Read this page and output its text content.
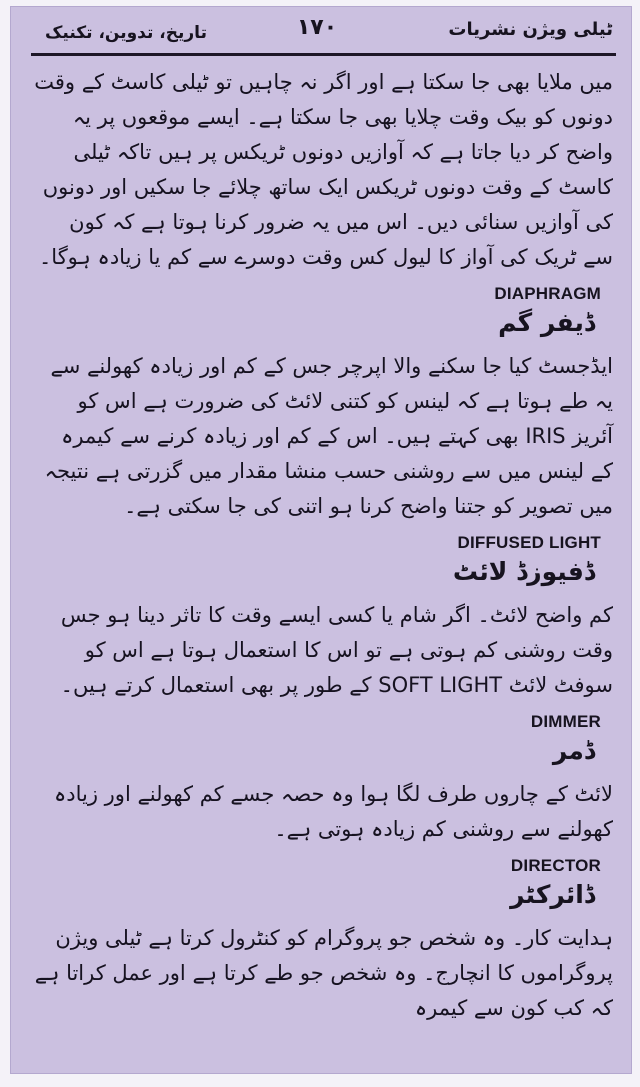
ٹیلی ویژن نشریات
۱۷۰
تاریخ، تدوین، تکنیک

میں ملایا بھی جا سکتا ہے اور اگر نہ چاہیں تو ٹیلی کاسٹ کے وقت دونوں کو بیک وقت چلایا بھی جا سکتا ہے۔ ایسے موقعوں پر یہ واضح کر دیا جاتا ہے کہ آوازیں دونوں ٹریکس پر ہیں تاکہ ٹیلی کاسٹ کے وقت دونوں ٹریکس ایک ساتھ چلائے جا سکیں اور دونوں کی آوازیں سنائی دیں۔ اس میں یہ ضرور کرنا ہوتا ہے کہ کون سے ٹریک کی آواز کا لیول کس وقت دوسرے سے کم یا زیادہ ہوگا۔

DIAPHRAGM
ڈیفر گم

ایڈجسٹ کیا جا سکنے والا اپرچر جس کے کم اور زیادہ کھولنے سے یہ طے ہوتا ہے کہ لینس کو کتنی لائٹ کی ضرورت ہے اس کو آئریز IRIS بھی کہتے ہیں۔ اس کے کم اور زیادہ کرنے سے کیمرہ کے لینس میں سے روشنی حسب منشا مقدار میں گزرتی ہے نتیجہ میں تصویر کو جتنا واضح کرنا ہو اتنی کی جا سکتی ہے۔

DIFFUSED LIGHT
ڈفیوزڈ لائٹ

کم واضح لائٹ۔ اگر شام یا کسی ایسے وقت کا تاثر دینا ہو جس وقت روشنی کم ہوتی ہے تو اس کا استعمال ہوتا ہے اس کو سوفٹ لائٹ SOFT LIGHT کے طور پر بھی استعمال کرتے ہیں۔

DIMMER
ڈمر

لائٹ کے چاروں طرف لگا ہوا وہ حصہ جسے کم کھولنے اور زیادہ کھولنے سے روشنی کم زیادہ ہوتی ہے۔

DIRECTOR
ڈائرکٹر

ہدایت کار۔ وہ شخص جو پروگرام کو کنٹرول کرتا ہے ٹیلی ویژن پروگراموں کا انچارج۔ وہ شخص جو طے کرتا ہے اور عمل کراتا ہے کہ کب کون سے کیمرہ
